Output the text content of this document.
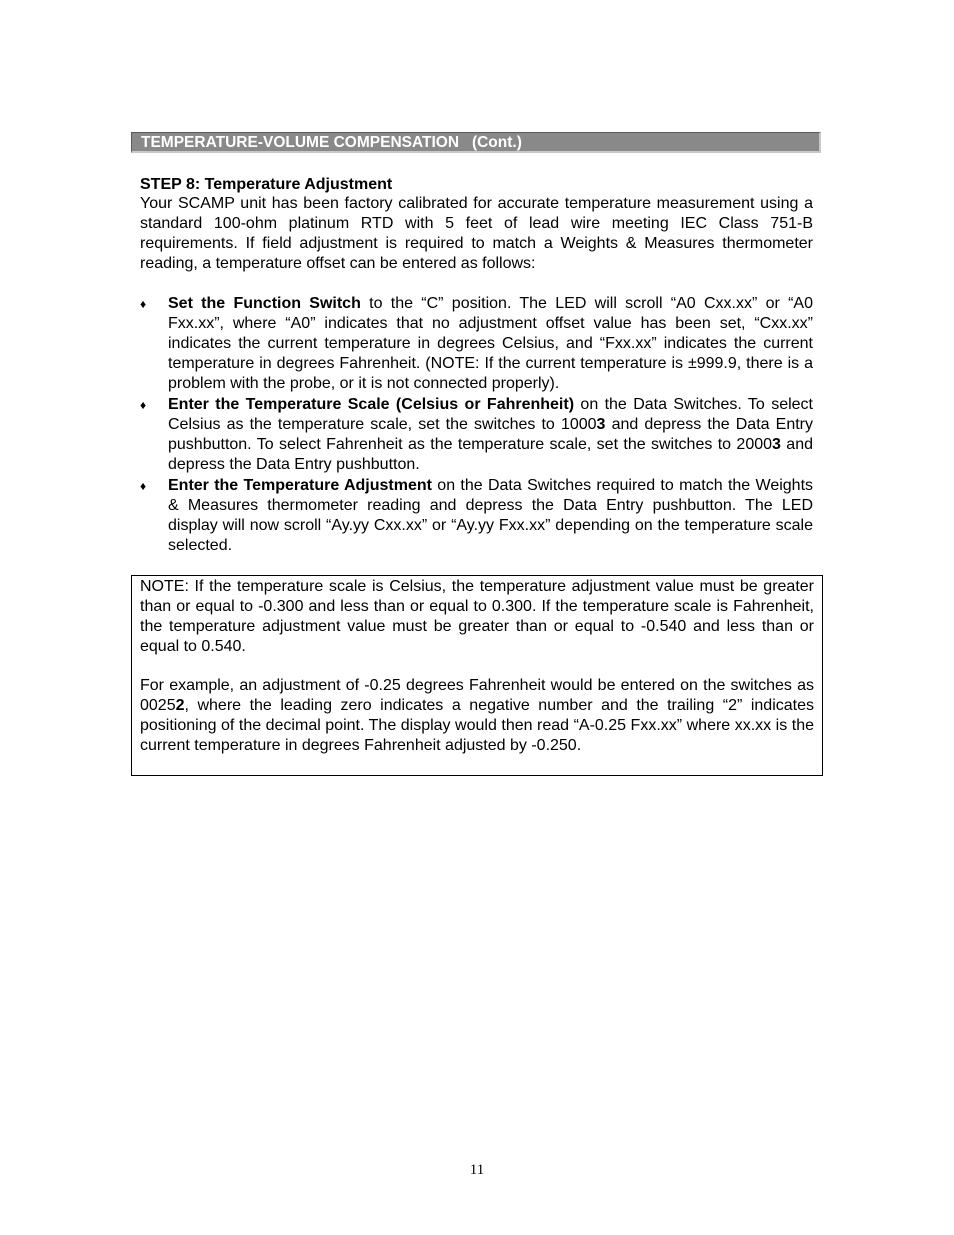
TEMPERATURE-VOLUME COMPENSATION   (Cont.)
STEP 8: Temperature Adjustment

Your SCAMP unit has been factory calibrated for accurate temperature measurement using a standard 100-ohm platinum RTD with 5 feet of lead wire meeting IEC Class 751-B requirements. If field adjustment is required to match a Weights & Measures thermometer reading, a temperature offset can be entered as follows:

♦ Set the Function Switch to the “C” position. The LED will scroll “A0 Cxx.xx” or “A0 Fxx.xx”, where “A0” indicates that no adjustment offset value has been set, “Cxx.xx” indicates the current temperature in degrees Celsius, and “Fxx.xx” indicates the current temperature in degrees Fahrenheit. (NOTE: If the current temperature is ±999.9, there is a problem with the probe, or it is not connected properly).
♦ Enter the Temperature Scale (Celsius or Fahrenheit) on the Data Switches. To select Celsius as the temperature scale, set the switches to 10003 and depress the Data Entry pushbutton. To select Fahrenheit as the temperature scale, set the switches to 20003 and depress the Data Entry pushbutton.
♦ Enter the Temperature Adjustment on the Data Switches required to match the Weights & Measures thermometer reading and depress the Data Entry pushbutton. The LED display will now scroll “Ay.yy Cxx.xx” or “Ay.yy Fxx.xx” depending on the temperature scale selected.

NOTE: If the temperature scale is Celsius, the temperature adjustment value must be greater than or equal to -0.300 and less than or equal to 0.300. If the temperature scale is Fahrenheit, the temperature adjustment value must be greater than or equal to -0.540 and less than or equal to 0.540.

For example, an adjustment of -0.25 degrees Fahrenheit would be entered on the switches as 00252, where the leading zero indicates a negative number and the trailing “2” indicates positioning of the decimal point. The display would then read “A-0.25 Fxx.xx” where xx.xx is the current temperature in degrees Fahrenheit adjusted by -0.250.

11
